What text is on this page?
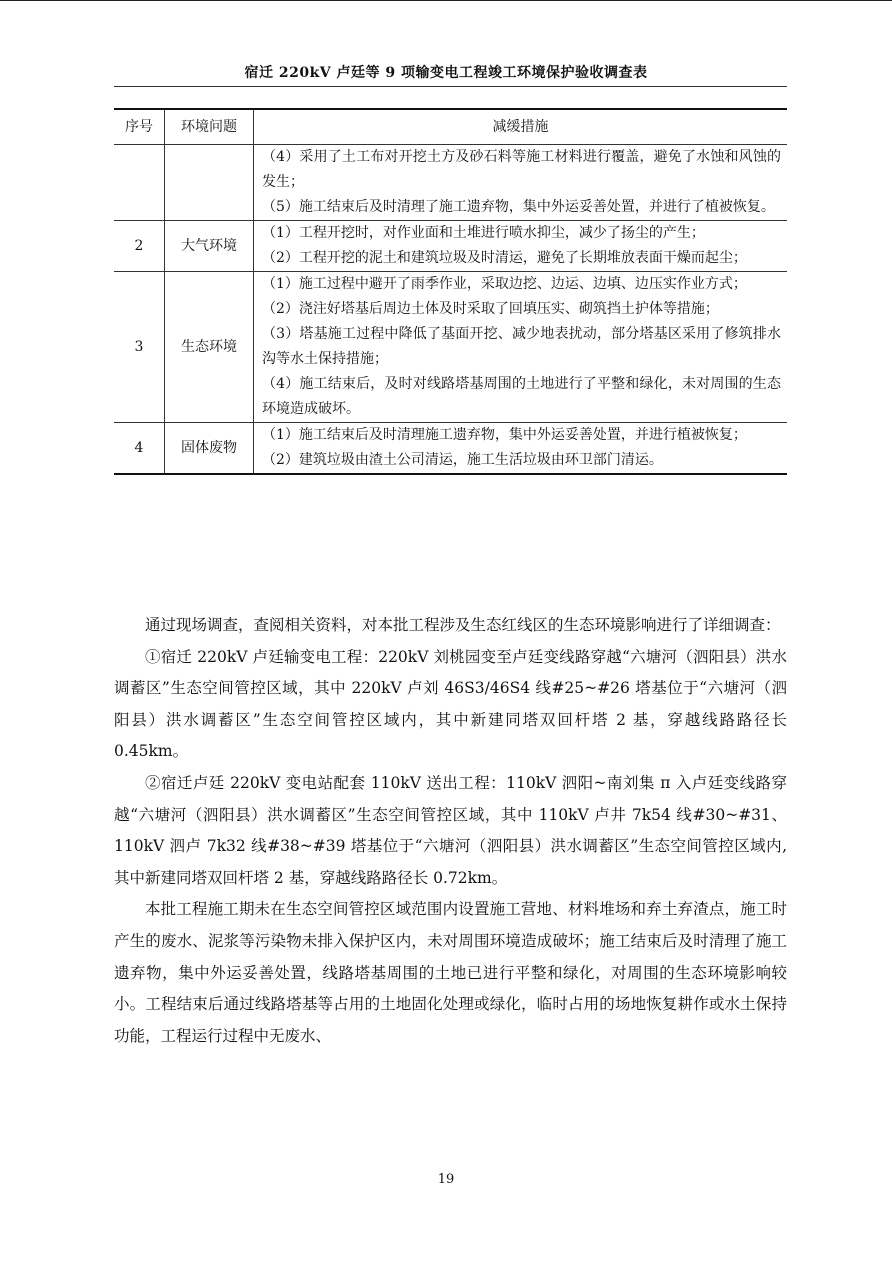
宿迁 220kV 卢廷等 9 项输变电工程竣工环境保护验收调查表
序号	环境问题	减缓措施

		（4）采用了土工布对开挖土方及砂石料等施工材料进行覆盖，避免了水蚀和风蚀的发生；
（5）施工结束后及时清理了施工遗弃物，集中外运妥善处置，并进行了植被恢复。

2	大气环境	（1）工程开挖时，对作业面和土堆进行喷水抑尘，减少了扬尘的产生；
（2）工程开挖的泥土和建筑垃圾及时清运，避免了长期堆放表面干燥而起尘；

3	生态环境	（1）施工过程中避开了雨季作业，采取边挖、边运、边填、边压实作业方式；
（2）浇注好塔基后周边土体及时采取了回填压实、砌筑挡土护体等措施；
（3）塔基施工过程中降低了基面开挖、减少地表扰动，部分塔基区采用了修筑排水沟等水土保持措施；
（4）施工结束后，及时对线路塔基周围的土地进行了平整和绿化，未对周围的生态环境造成破坏。

4	固体废物	（1）施工结束后及时清理施工遗弃物，集中外运妥善处置，并进行植被恢复；
（2）建筑垃圾由渣土公司清运，施工生活垃圾由环卫部门清运。

通过现场调查，查阅相关资料，对本批工程涉及生态红线区的生态环境影响进行了详细调查：

①宿迁 220kV 卢廷输变电工程：220kV 刘桃园变至卢廷变线路穿越“六塘河（泗阳县）洪水调蓄区”生态空间管控区域，其中 220kV 卢刘 46S3/46S4 线#25~#26 塔基位于“六塘河（泗阳县）洪水调蓄区”生态空间管控区域内，其中新建同塔双回杆塔 2 基，穿越线路路径长 0.45km。

②宿迁卢廷 220kV 变电站配套 110kV 送出工程：110kV 泗阳~南刘集 π 入卢廷变线路穿越“六塘河（泗阳县）洪水调蓄区”生态空间管控区域，其中 110kV 卢井 7k54 线#30~#31、110kV 泗卢 7k32 线#38~#39 塔基位于“六塘河（泗阳县）洪水调蓄区”生态空间管控区域内, 其中新建同塔双回杆塔 2 基，穿越线路路径长 0.72km。

本批工程施工期未在生态空间管控区域范围内设置施工营地、材料堆场和弃土弃渣点，施工时产生的废水、泥浆等污染物未排入保护区内，未对周围环境造成破坏；施工结束后及时清理了施工遗弃物，集中外运妥善处置，线路塔基周围的土地已进行平整和绿化，对周围的生态环境影响较小。工程结束后通过线路塔基等占用的土地固化处理或绿化，临时占用的场地恢复耕作或水土保持功能，工程运行过程中无废水、

19
